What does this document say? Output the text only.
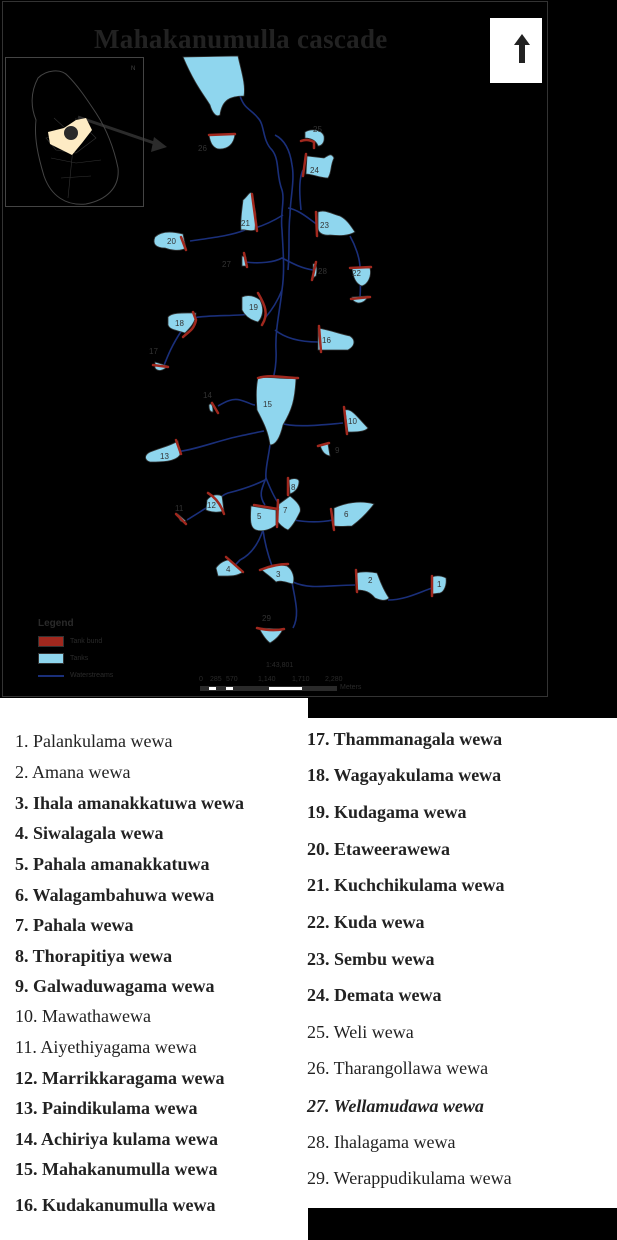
1
2
3
4
5	6
7
8
9
10
11	12
13
14
15
16
17
18
19
20
21
22
23
24
25
26
27
28
29
Mahakanumulla cascade
N
Legend
Tank bund
Tanks
Waterstreams
1:43,801
0 285 570	1,140 1,710 2,280
Meters
1. Palankulama wewa
2. Amana wewa
3. Ihala amanakkatuwa wewa
4. Siwalagala wewa
5. Pahala amanakkatuwa
6. Walagambahuwa wewa
7. Pahala wewa
8. Thorapitiya wewa
9. Galwaduwagama wewa
10. Mawathawewa
11. Aiyethiyagama wewa
12. Marrikkaragama wewa
13. Paindikulama wewa
14. Achiriya kulama wewa
15. Mahakanumulla wewa
16. Kudakanumulla wewa
17. Thammanagala wewa
18. Wagayakulama wewa
19. Kudagama wewa
20. Etaweerawewa
21. Kuchchikulama wewa
22. Kuda wewa
23. Sembu wewa
24. Demata wewa
25. Weli wewa
26. Tharangollawa wewa
27. Wellamudawa wewa
28. Ihalagama wewa
29. Werappudikulama wewa
